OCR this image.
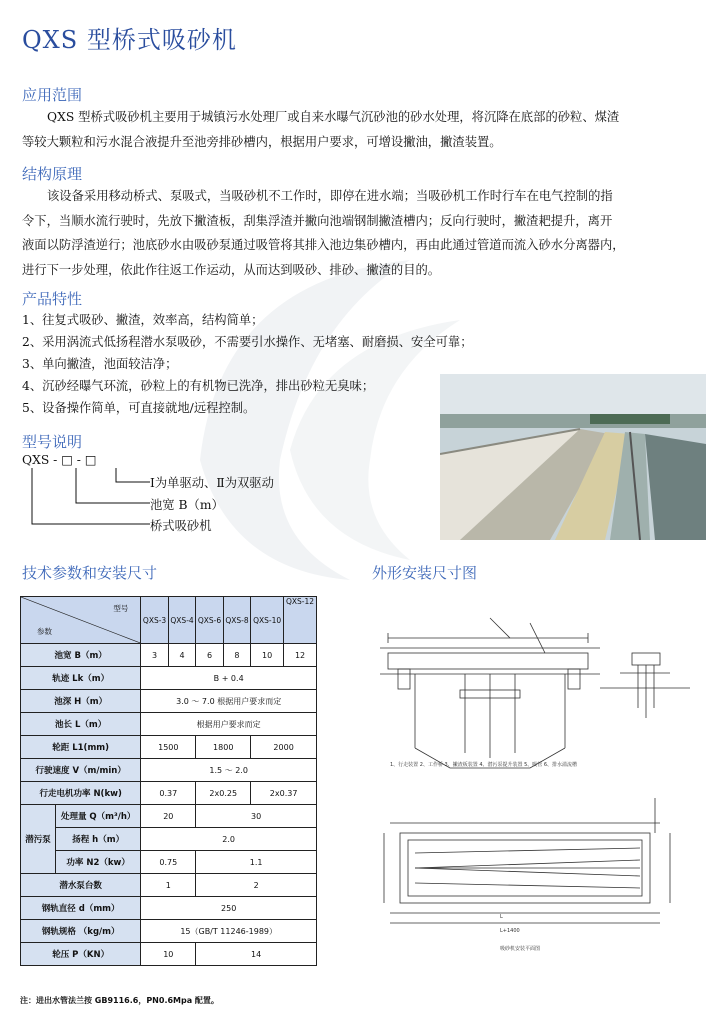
QXS 型桥式吸砂机
应用范围
QXS 型桥式吸砂机主要用于城镇污水处理厂或自来水曝气沉砂池的砂水处理，将沉降在底部的砂粒、煤渣
等较大颗粒和污水混合液提升至池旁排砂槽内，根据用户要求，可增设撇油，撇渣装置。
结构原理
该设备采用移动桥式、泵吸式，当吸砂机不工作时，即停在进水端；当吸砂机工作时行车在电气控制的指
令下，当顺水流行驶时，先放下撇渣板，刮集浮渣并撇向池端钢制撇渣槽内；反向行驶时，撇渣耙提升，离开
液面以防浮渣逆行；池底砂水由吸砂泵通过吸管将其排入池边集砂槽内，再由此通过管道而流入砂水分离器内，
进行下一步处理，依此作往返工作运动，从而达到吸砂、排砂、撇渣的目的。
产品特性
1、往复式吸砂、撇渣，效率高，结构简单；
2、采用涡流式低扬程潜水泵吸砂，不需要引水操作、无堵塞、耐磨损、安全可靠；
3、单向撇渣，池面较洁净；
4、沉砂经曝气环流，砂粒上的有机物已洗净，排出砂粒无臭味；
5、设备操作简单，可直接就地/远程控制。
型号说明
QXS - □ - □
Ⅰ为单驱动、Ⅱ为双驱动
池宽 B（m）
桥式吸砂机
技术参数和安装尺寸	外形安装尺寸图
型号
参数		QXS-3	QXS-4	QXS-6	QXS-8	QXS-10	QXS-12
池宽 B（m）		3	4	6	8	10	12
轨迹 Lk（m）		B + 0.4					
池深 H（m）		3.0 ～ 7.0 根据用户要求而定					
池长 L（m）		根据用户要求而定					
轮距 L1(mm)		1500		1800		2000	
行驶速度 V（m/min）		1.5 ～ 2.0					
行走电机功率 N(kw)		0.37		2x0.25		2x0.37	
潜污泵	处理量 Q（m³/h）	20		30			
	扬程 h（m）	2.0					
	功率 N2（kw）	0.75		1.1			
潜水泵台数		1		2			
钢轨直径 d（mm）		250					
钢轨规格 （kg/m）		15（GB/T 11246-1989）					
轮压 P（KN）		10		14			
注：进出水管法兰按 GB9116.6，PN0.6Mpa 配置。
1、行走装置 2、工作桥 3、撇渣板装置 4、潜污泵提升装置 5、吸管 6、排水溢流槽
L
L+1400
吸砂机安装平面图
